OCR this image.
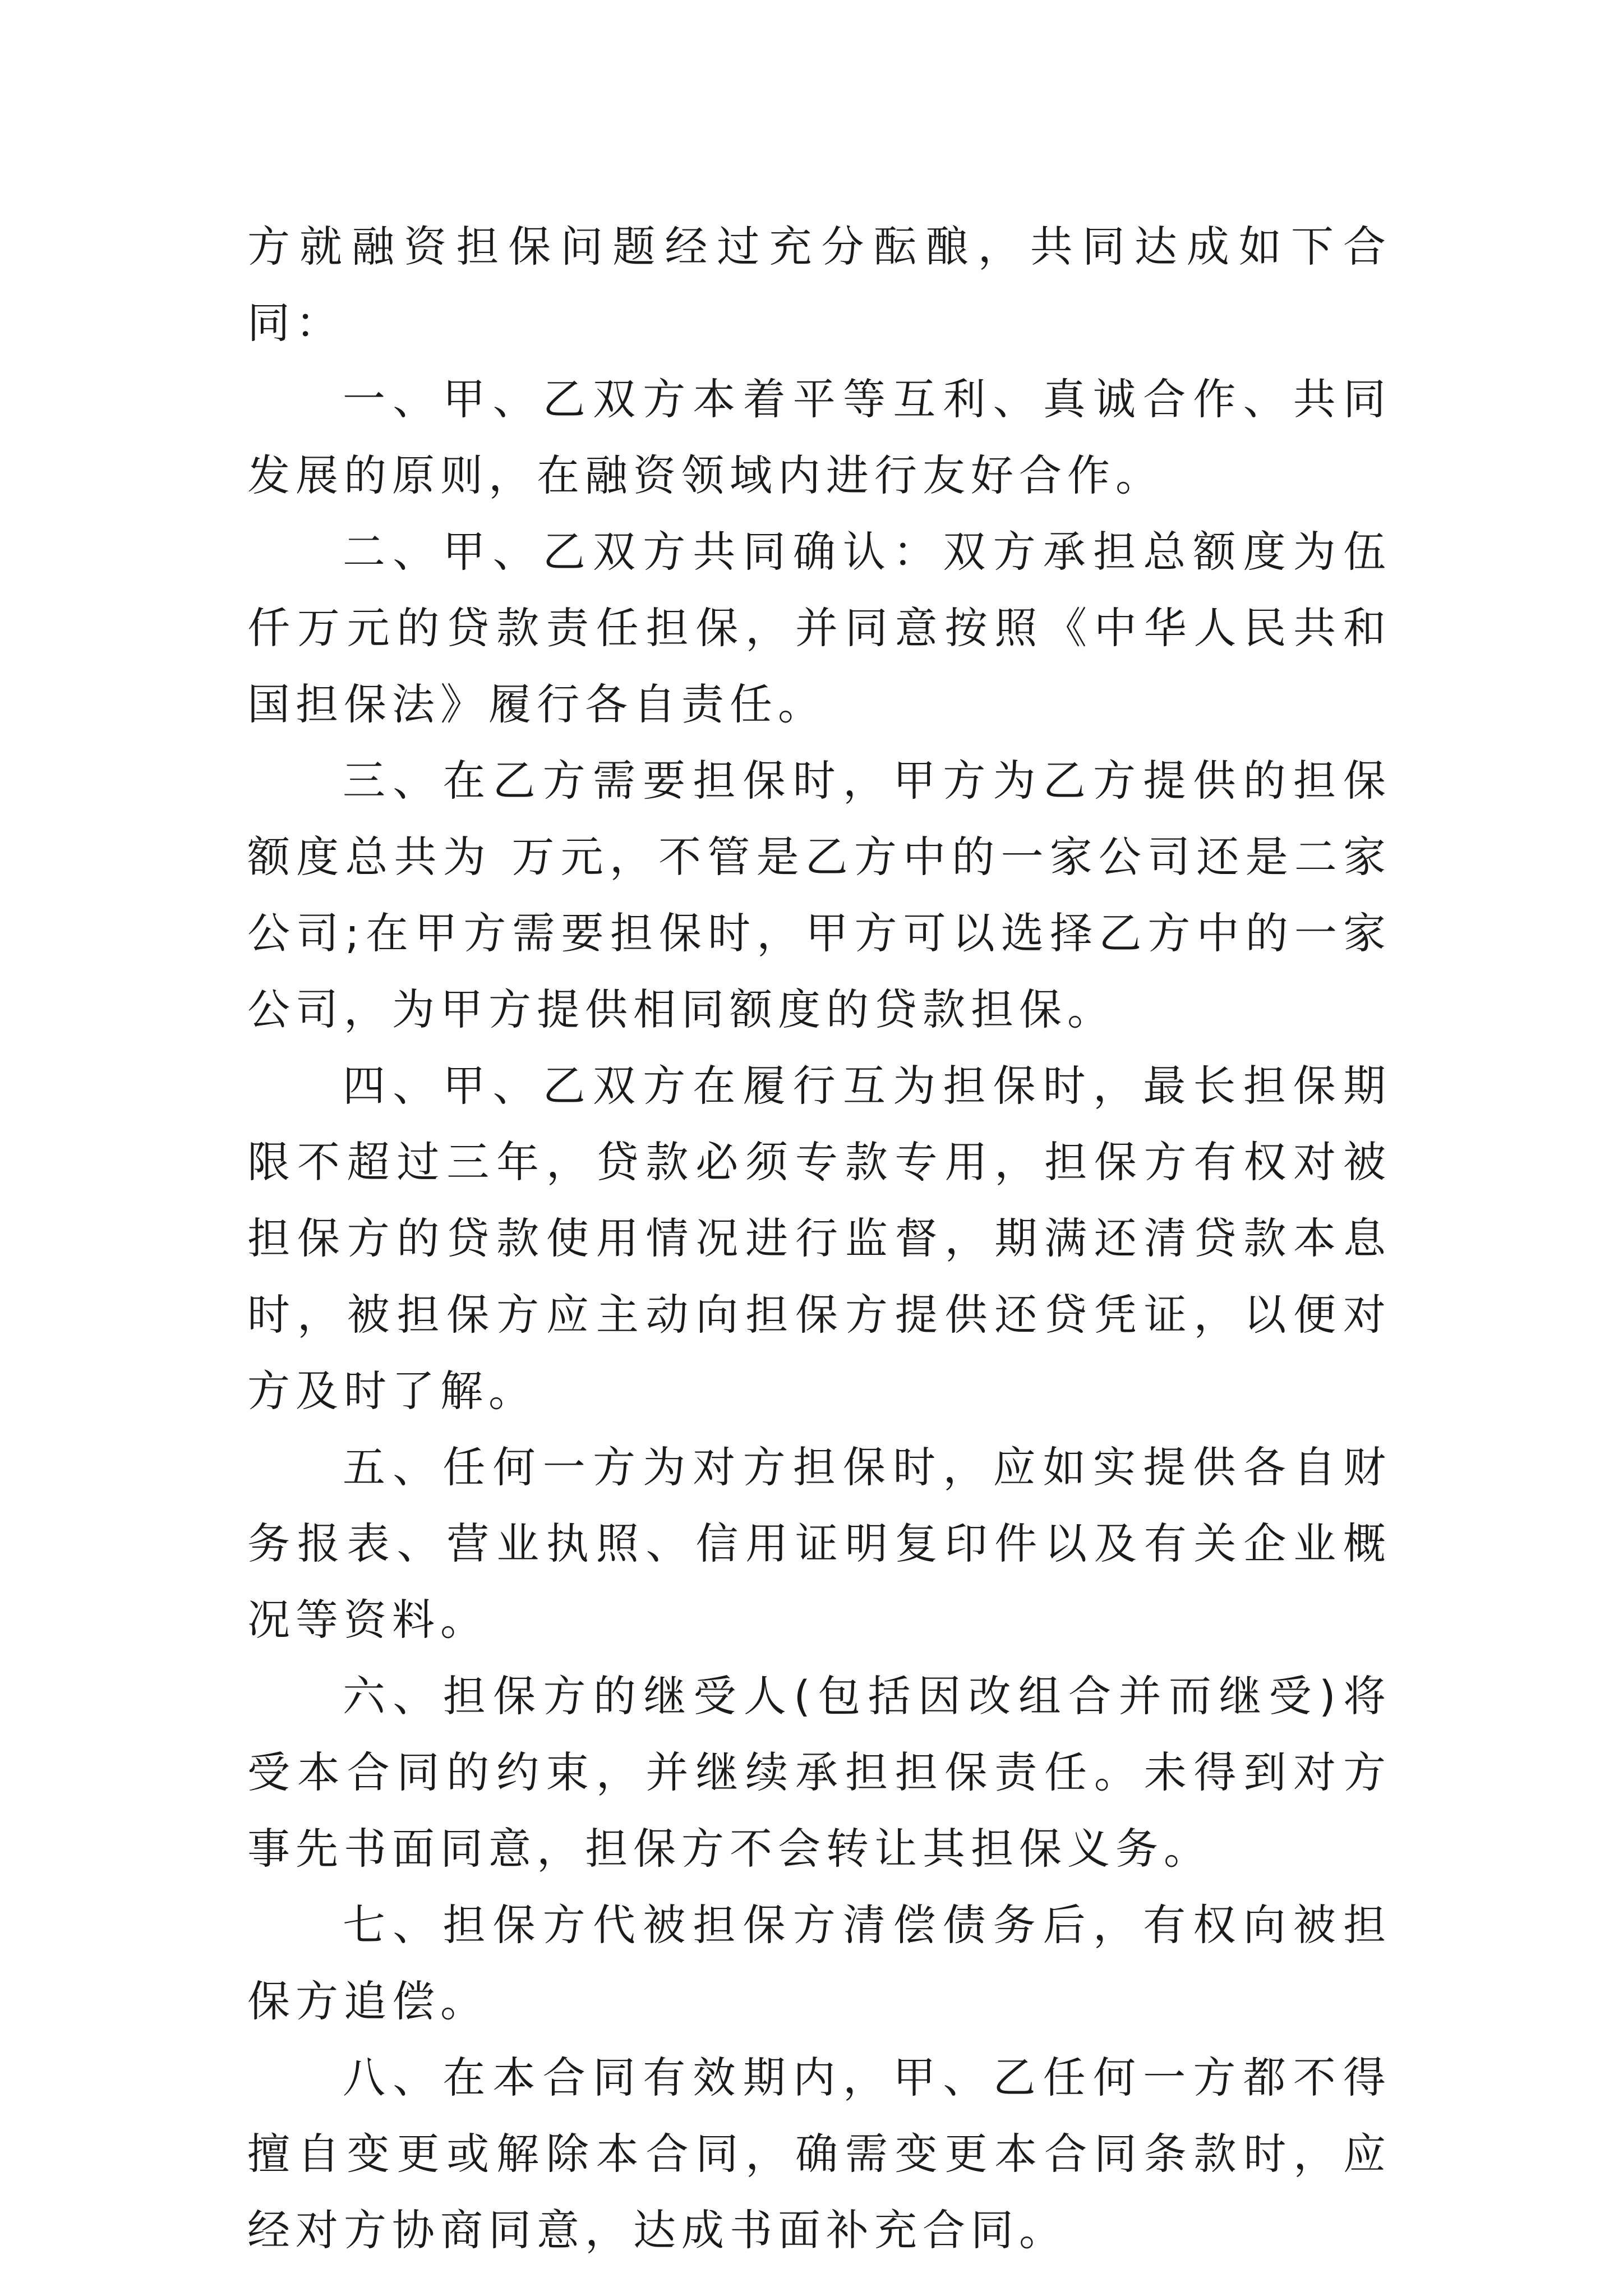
方就融资担保问题经过充分酝酿，共同达成如下合同：

一、甲、乙双方本着平等互利、真诚合作、共同发展的原则，在融资领域内进行友好合作。

二、甲、乙双方共同确认：双方承担总额度为伍仟万元的贷款责任担保，并同意按照《中华人民共和国担保法》履行各自责任。

三、在乙方需要担保时，甲方为乙方提供的担保额度总共为 万元，不管是乙方中的一家公司还是二家公司;在甲方需要担保时，甲方可以选择乙方中的一家公司，为甲方提供相同额度的贷款担保。

四、甲、乙双方在履行互为担保时，最长担保期限不超过三年，贷款必须专款专用，担保方有权对被担保方的贷款使用情况进行监督，期满还清贷款本息时，被担保方应主动向担保方提供还贷凭证，以便对方及时了解。

五、任何一方为对方担保时，应如实提供各自财务报表、营业执照、信用证明复印件以及有关企业概况等资料。

六、担保方的继受人(包括因改组合并而继受)将受本合同的约束，并继续承担担保责任。未得到对方事先书面同意，担保方不会转让其担保义务。

七、担保方代被担保方清偿债务后，有权向被担保方追偿。

八、在本合同有效期内，甲、乙任何一方都不得擅自变更或解除本合同，确需变更本合同条款时，应经对方协商同意，达成书面补充合同。
